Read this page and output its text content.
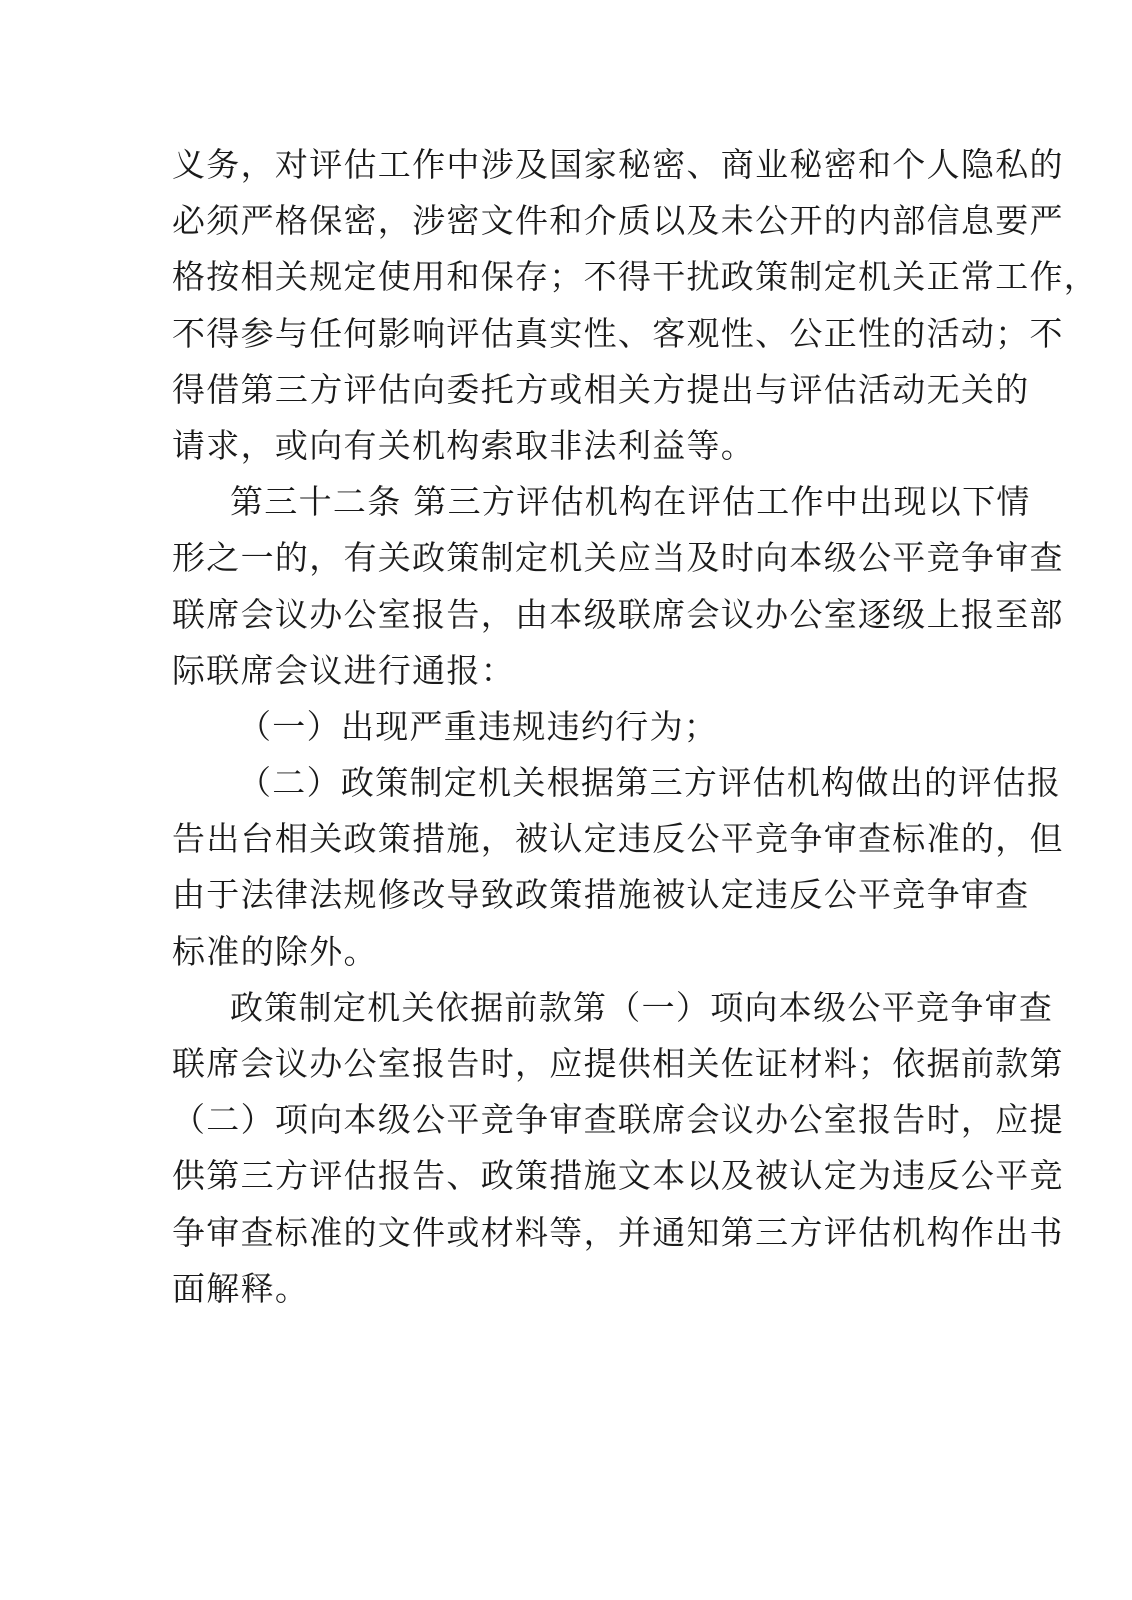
义务，对评估工作中涉及国家秘密、商业秘密和个人隐私的
必须严格保密，涉密文件和介质以及未公开的内部信息要严
格按相关规定使用和保存；不得干扰政策制定机关正常工作，
不得参与任何影响评估真实性、客观性、公正性的活动；不
得借第三方评估向委托方或相关方提出与评估活动无关的
请求，或向有关机构索取非法利益等。
第三十二条 第三方评估机构在评估工作中出现以下情
形之一的，有关政策制定机关应当及时向本级公平竞争审查
联席会议办公室报告，由本级联席会议办公室逐级上报至部
际联席会议进行通报：
（一）出现严重违规违约行为；
（二）政策制定机关根据第三方评估机构做出的评估报
告出台相关政策措施，被认定违反公平竞争审查标准的，但
由于法律法规修改导致政策措施被认定违反公平竞争审查
标准的除外。
政策制定机关依据前款第（一）项向本级公平竞争审查
联席会议办公室报告时，应提供相关佐证材料；依据前款第
（二）项向本级公平竞争审查联席会议办公室报告时，应提
供第三方评估报告、政策措施文本以及被认定为违反公平竞
争审查标准的文件或材料等，并通知第三方评估机构作出书
面解释。
